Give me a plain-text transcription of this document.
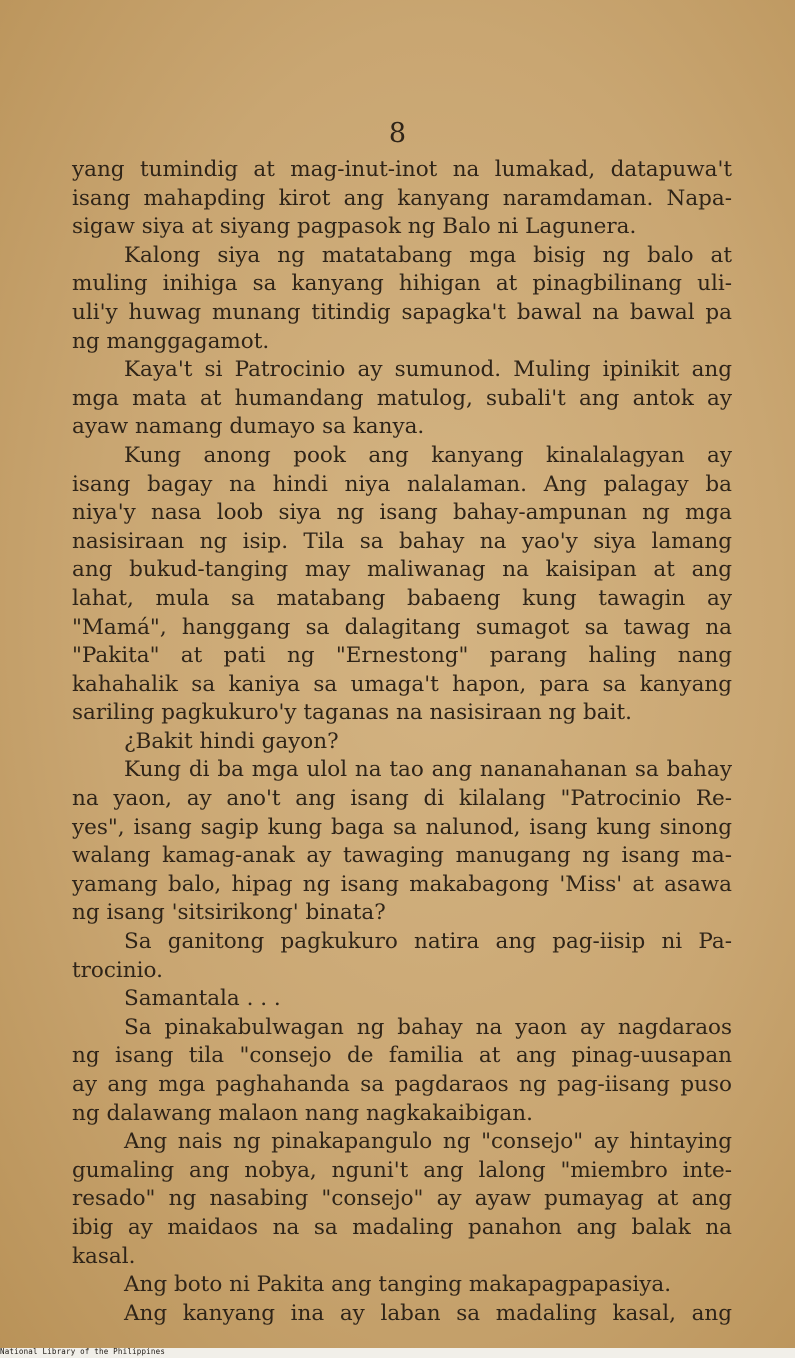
8
yang tumindig at mag-inut-inot na lumakad, datapuwa't
isang mahapding kirot ang kanyang naramdaman. Napa-
sigaw siya at siyang pagpasok ng Balo ni Lagunera.
Kalong siya ng matatabang mga bisig ng balo at
muling inihiga sa kanyang hihigan at pinagbilinang uli-
uli'y huwag munang titindig sapagka't bawal na bawal pa
ng manggagamot.
Kaya't si Patrocinio ay sumunod. Muling ipinikit ang
mga mata at humandang matulog, subali't ang antok ay
ayaw namang dumayo sa kanya.
Kung anong pook ang kanyang kinalalagyan ay
isang bagay na hindi niya nalalaman. Ang palagay ba
niya'y nasa loob siya ng isang bahay-ampunan ng mga
nasisiraan ng isip. Tila sa bahay na yao'y siya lamang
ang bukud-tanging may maliwanag na kaisipan at ang
lahat, mula sa matabang babaeng kung tawagin ay
"Mamá", hanggang sa dalagitang sumagot sa tawag na
"Pakita" at pati ng "Ernestong" parang haling nang
kahahalik sa kaniya sa umaga't hapon, para sa kanyang
sariling pagkukuro'y taganas na nasisiraan ng bait.
¿Bakit hindi gayon?
Kung di ba mga ulol na tao ang nananahanan sa bahay
na yaon, ay ano't ang isang di kilalang "Patrocinio Re-
yes", isang sagip kung baga sa nalunod, isang kung sinong
walang kamag-anak ay tawaging manugang ng isang ma-
yamang balo, hipag ng isang makabagong 'Miss' at asawa
ng isang 'sitsirikong' binata?
Sa ganitong pagkukuro natira ang pag-iisip ni Pa-
trocinio.
Samantala . . .
Sa pinakabulwagan ng bahay na yaon ay nagdaraos
ng isang tila "consejo de familia at ang pinag-uusapan
ay ang mga paghahanda sa pagdaraos ng pag-iisang puso
ng dalawang malaon nang nagkakaibigan.
Ang nais ng pinakapangulo ng "consejo" ay hintaying
gumaling ang nobya, nguni't ang lalong "miembro inte-
resado" ng nasabing "consejo" ay ayaw pumayag at ang
ibig ay maidaos na sa madaling panahon ang balak na
kasal.
Ang boto ni Pakita ang tanging makapagpapasiya.
Ang kanyang ina ay laban sa madaling kasal, ang
National Library of the Philippines
